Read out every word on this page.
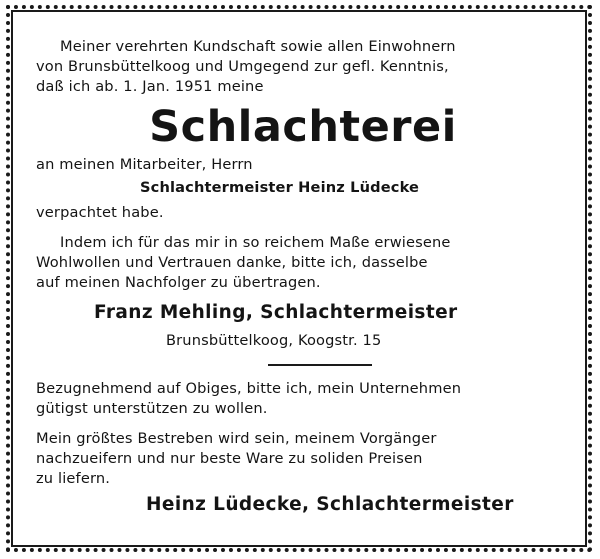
Meiner verehrten Kundschaft sowie allen Einwohnern
von Brunsbüttelkoog und Umgegend zur gefl. Kenntnis,
daß ich ab. 1. Jan. 1951 meine
Schlachterei
an meinen Mitarbeiter, Herrn
Schlachtermeister Heinz Lüdecke
verpachtet habe.
Indem ich für das mir in so reichem Maße erwiesene
Wohlwollen und Vertrauen danke, bitte ich, dasselbe
auf meinen Nachfolger zu übertragen.
Franz Mehling, Schlachtermeister
Brunsbüttelkoog, Koogstr. 15
Bezugnehmend auf Obiges, bitte ich, mein Unternehmen
gütigst unterstützen zu wollen.
Mein größtes Bestreben wird sein, meinem Vorgänger
nachzueifern und nur beste Ware zu soliden Preisen
zu liefern.
Heinz Lüdecke, Schlachtermeister
